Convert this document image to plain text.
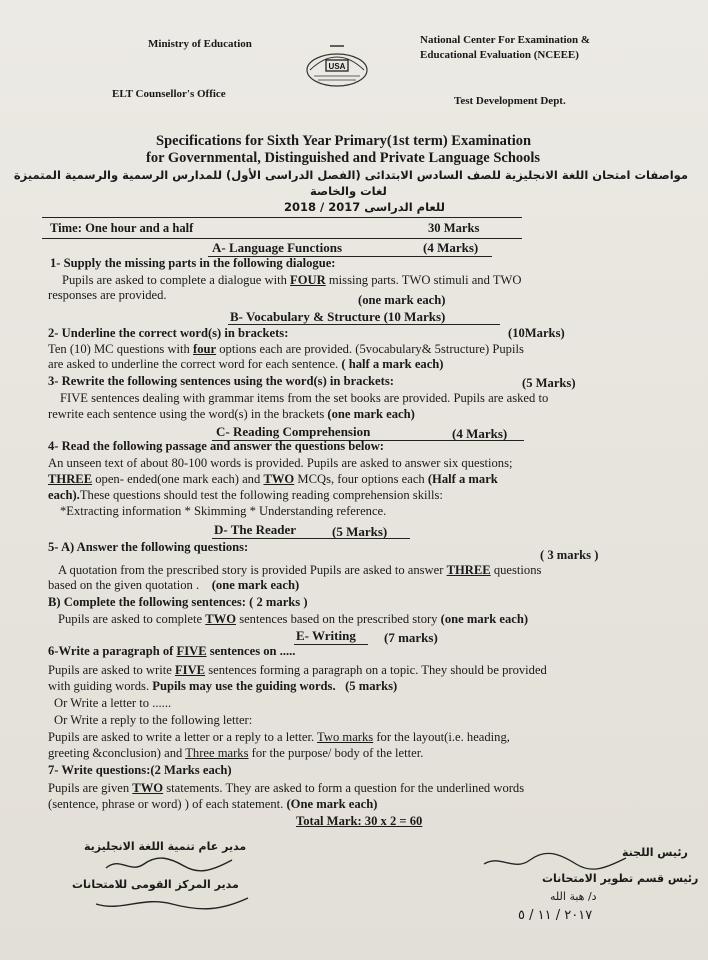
Ministry of Education
ELT Counsellor's Office
National Center For Examination &
Educational Evaluation (NCEEE)
Test Development Dept.
USA
Specifications for Sixth Year Primary(1st term) Examination
for Governmental, Distinguished and Private Language Schools
مواصفات امتحان اللغة الانجليزية للصف السادس الابتدائى (الفصل الدراسى الأول) للمدارس الرسمية والرسمية المتميزة
لغات والخاصة
للعام الدراسى 2017 / 2018
Time: One hour and a half	30 Marks
A- Language Functions	(4 Marks)
1- Supply the missing parts in the following dialogue:
Pupils are asked to complete a dialogue with FOUR missing parts. TWO stimuli and TWO
responses are provided.	(one mark each)
B- Vocabulary & Structure (10 Marks)
2- Underline the correct word(s) in brackets:	(10Marks)
Ten (10) MC questions with four options each are provided. (5vocabulary& 5structure) Pupils
are asked to underline the correct word for each sentence. ( half a mark each)
3- Rewrite the following sentences using the word(s) in brackets:	(5 Marks)
FIVE sentences dealing with grammar items from the set books are provided. Pupils are asked to
rewrite each sentence using the word(s) in the brackets (one mark each)
C- Reading Comprehension	(4 Marks)
4- Read the following passage and answer the questions below:
An unseen text of about 80-100 words is provided. Pupils are asked to answer six questions;
THREE open- ended(one mark each) and TWO MCQs, four options each (Half a mark
each).These questions should test the following reading comprehension skills:
*Extracting information * Skimming * Understanding reference.
D- The Reader	(5 Marks)
5- A) Answer the following questions:
( 3 marks )
A quotation from the prescribed story is provided Pupils are asked to answer THREE questions
based on the given quotation . (one mark each)
B) Complete the following sentences: ( 2 marks )
Pupils are asked to complete TWO sentences based on the prescribed story (one mark each)
E- Writing (7 marks)
6-Write a paragraph of FIVE sentences on .....
Pupils are asked to write FIVE sentences forming a paragraph on a topic. They should be provided
with guiding words. Pupils may use the guiding words. (5 marks)
Or Write a letter to ......
Or Write a reply to the following letter:
Pupils are asked to write a letter or a reply to a letter. Two marks for the layout(i.e. heading,
greeting &conclusion) and Three marks for the purpose/ body of the letter.
7- Write questions:(2 Marks each)
Pupils are given TWO statements. They are asked to form a question for the underlined words
(sentence, phrase or word) ) of each statement. (One mark each)
Total Mark: 30 x 2 = 60
مدير عام تنمية اللغة الانجليزية
مدير المركز القومى للامتحانات
رئيس اللجنة
رئيس قسم تطوير الامتحانات
د/ هبة الله
٢٠١٧ / ١١ / ٥
